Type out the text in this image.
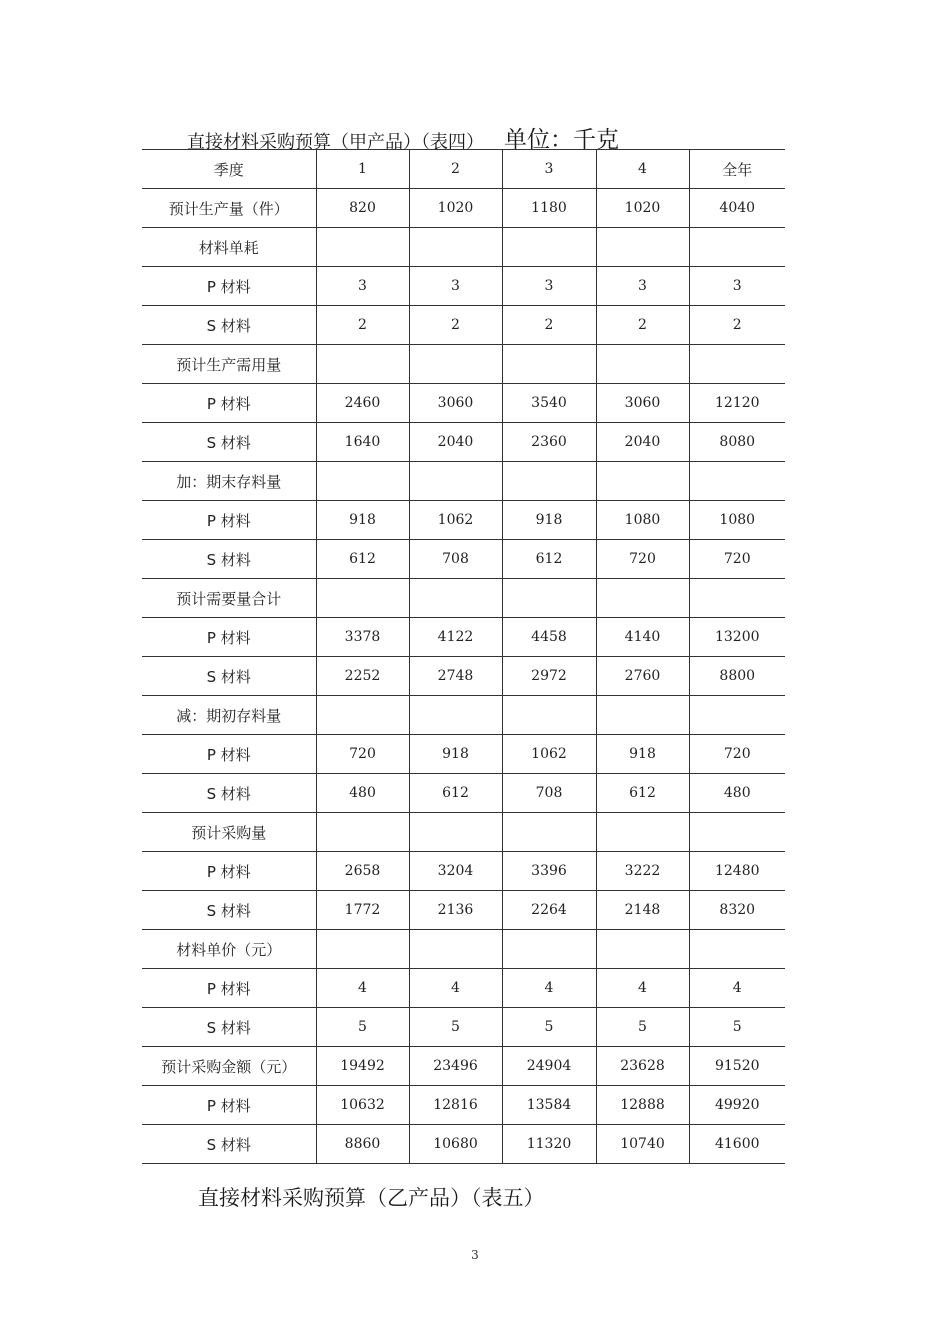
直接材料采购预算（甲产品）（表四） 单位：千克
季度	1	2	3	4	全年
预计生产量（件）	820	1020	1180	1020	4040
材料单耗					
P 材料	3	3	3	3	3
S 材料	2	2	2	2	2
预计生产需用量					
P 材料	2460	3060	3540	3060	12120
S 材料	1640	2040	2360	2040	8080
加：期末存料量					
P 材料	918	1062	918	1080	1080
S 材料	612	708	612	720	720
预计需要量合计					
P 材料	3378	4122	4458	4140	13200
S 材料	2252	2748	2972	2760	8800
减：期初存料量					
P 材料	720	918	1062	918	720
S 材料	480	612	708	612	480
预计采购量					
P 材料	2658	3204	3396	3222	12480
S 材料	1772	2136	2264	2148	8320
材料单价（元）					
P 材料	4	4	4	4	4
S 材料	5	5	5	5	5
预计采购金额（元）	19492	23496	24904	23628	91520
P 材料	10632	12816	13584	12888	49920
S 材料	8860	10680	11320	10740	41600
直接材料采购预算（乙产品）（表五）
3
